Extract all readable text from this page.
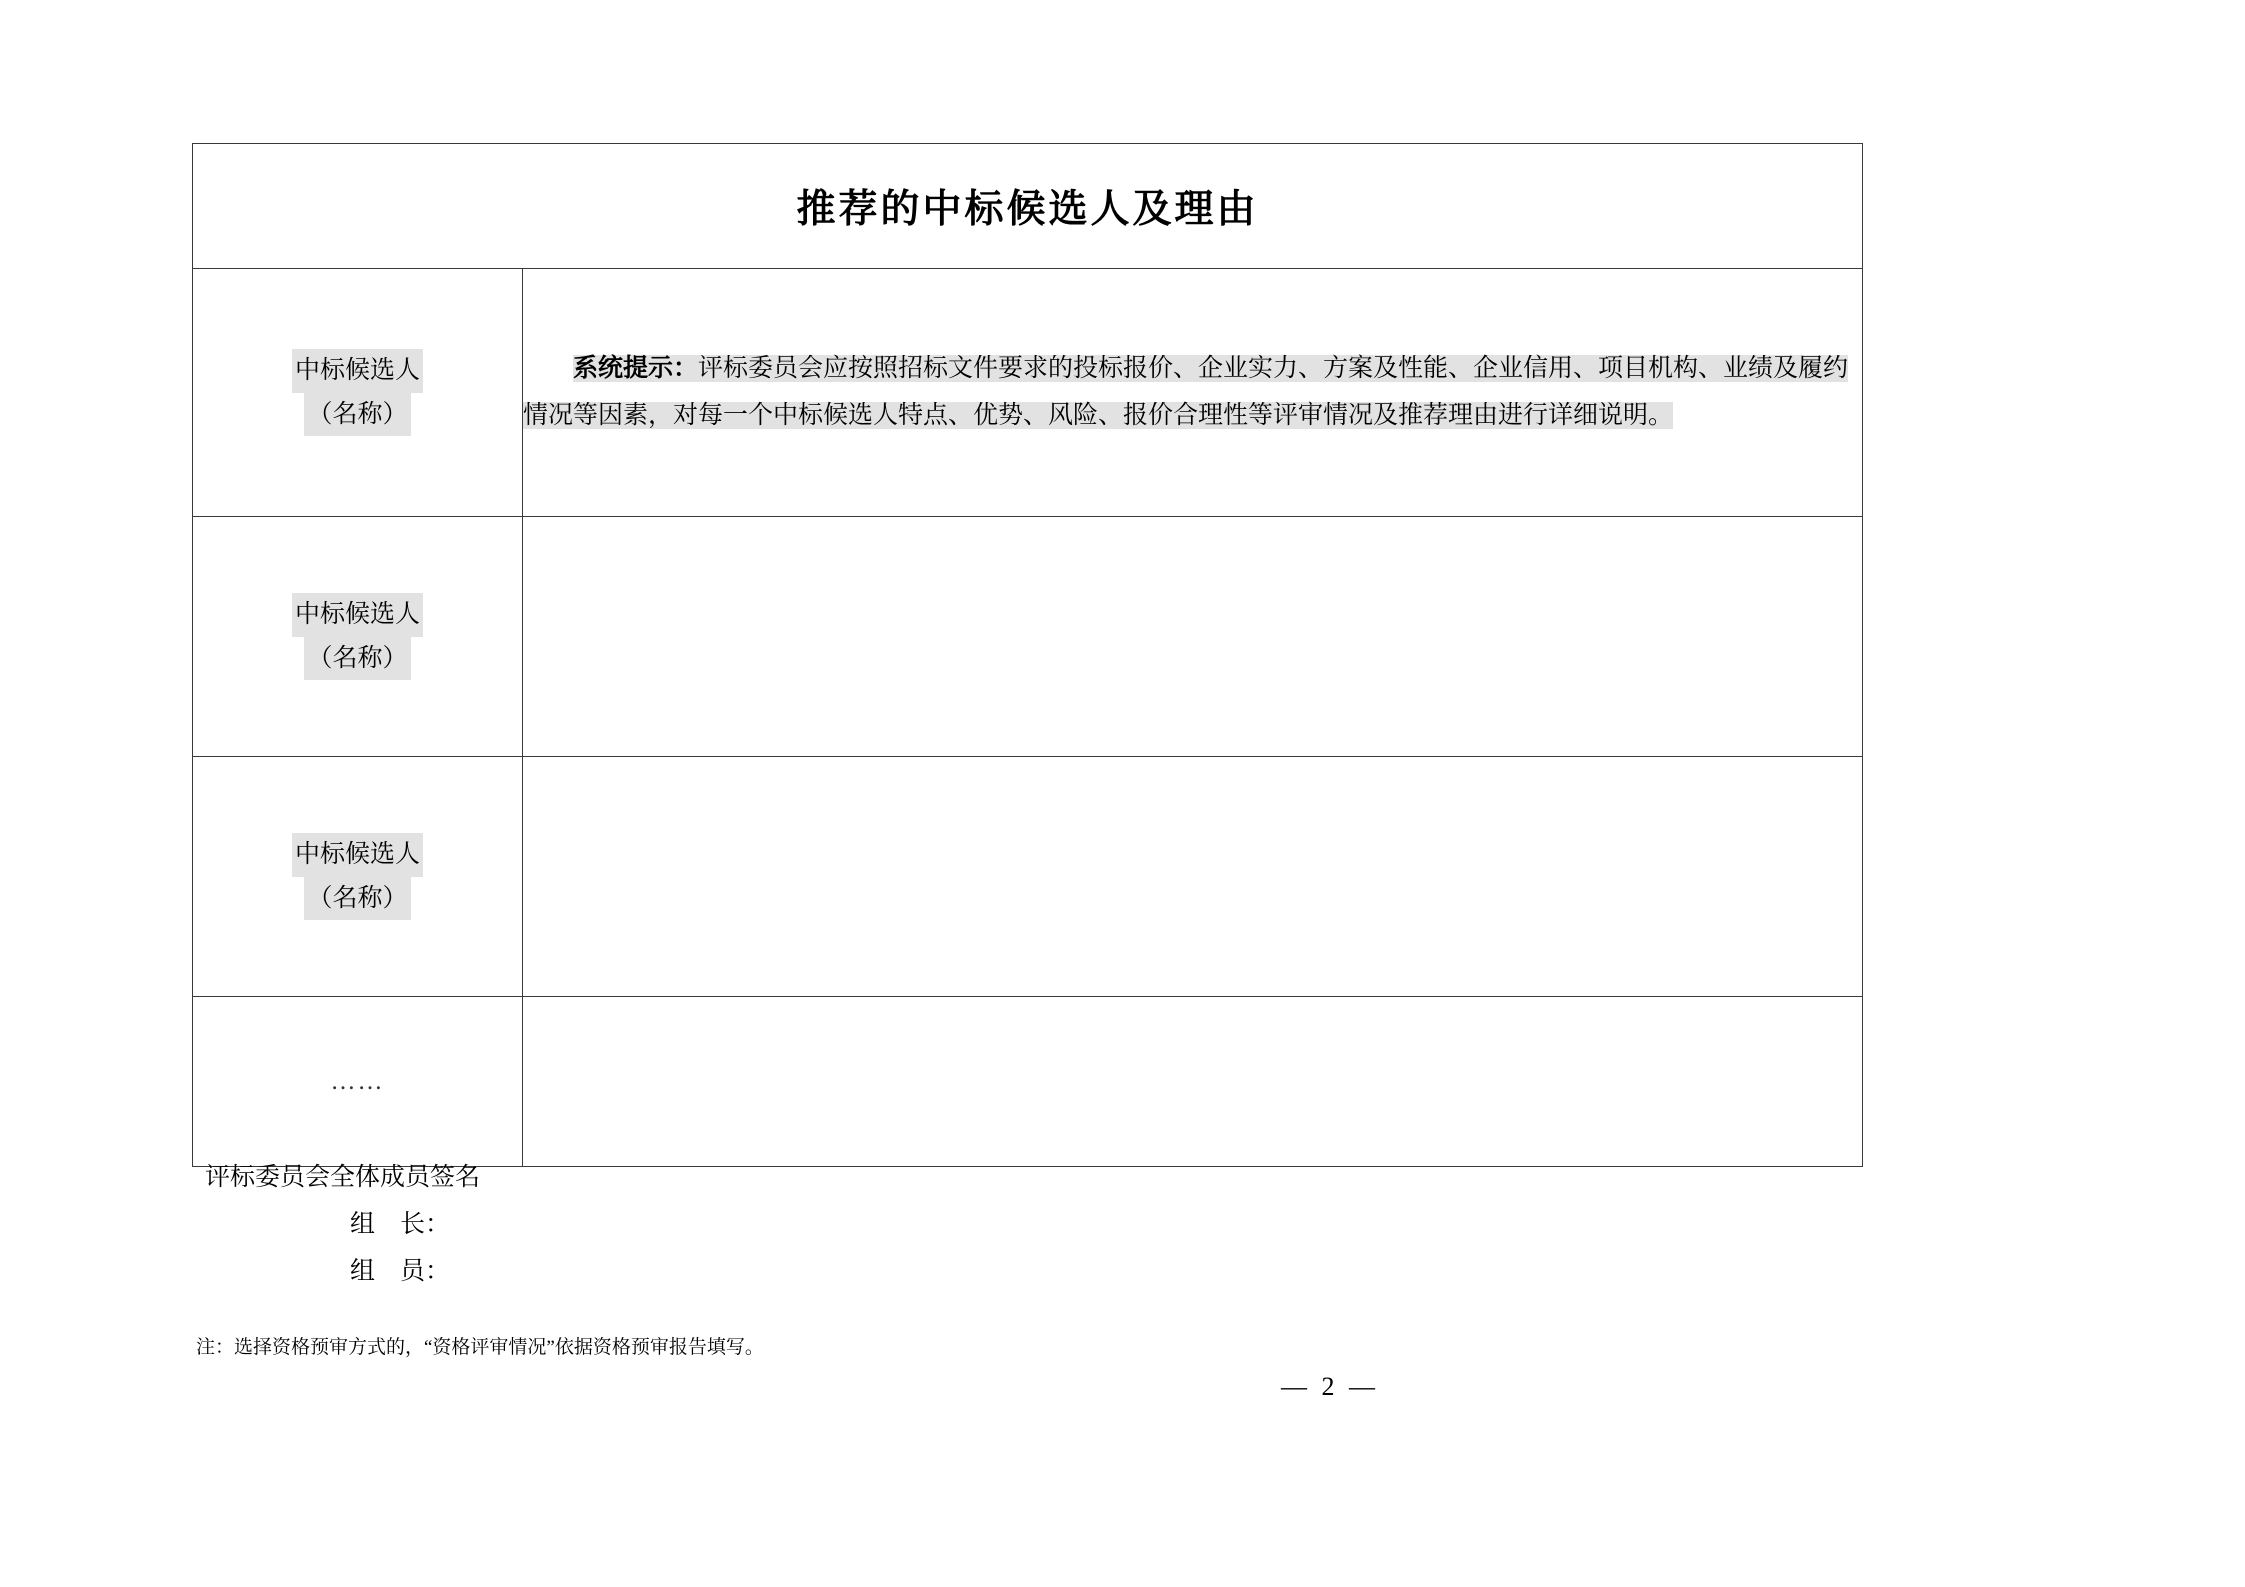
推荐的中标候选人及理由	

中标候选人
（名称）	系统提示：评标委员会应按照招标文件要求的投标报价、企业实力、方案及性能、企业信用、项目机构、业绩及履约情况等因素，对每一个中标候选人特点、优势、风险、报价合理性等评审情况及推荐理由进行详细说明。

中标候选人
（名称）	

中标候选人
（名称）	

……	
评标委员会全体成员签名
组    长：
组    员：
注：选择资格预审方式的，“资格评审情况”依据资格预审报告填写。
— 2 —
